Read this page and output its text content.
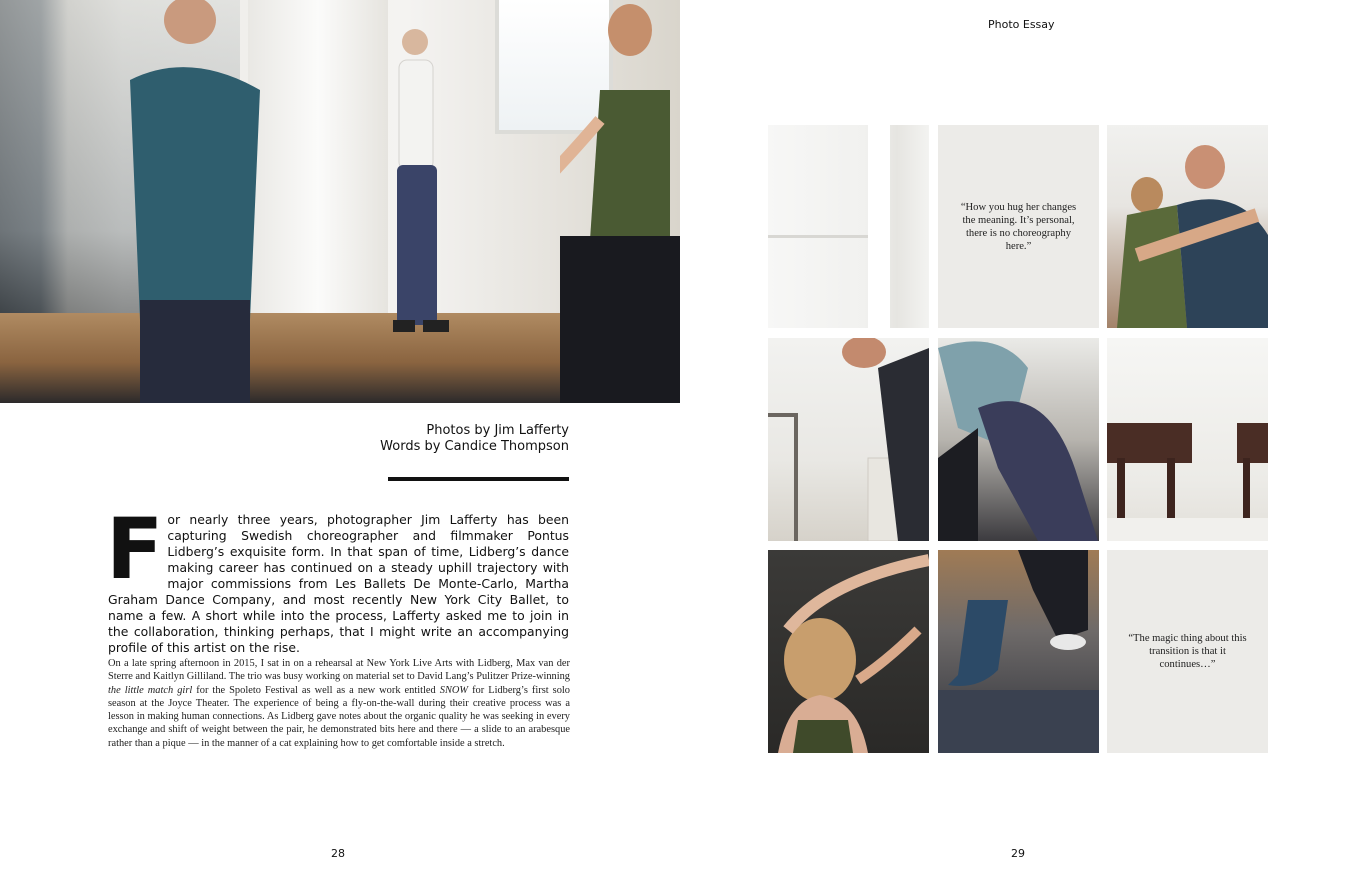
Photos by Jim Lafferty
Words by Candice Thompson
For nearly three years, photographer Jim Lafferty has been capturing Swedish choreographer and filmmaker Pontus Lidberg’s exquisite form. In that span of time, Lidberg’s dance making career has continued on a steady uphill trajectory with major commissions from Les Ballets De Monte-Carlo, Martha Graham Dance Company, and most recently New York City Ballet, to name a few. A short while into the process, Lafferty asked me to join in the collaboration, thinking perhaps, that I might write an accompanying profile of this artist on the rise.
On a late spring afternoon in 2015, I sat in on a rehearsal at New York Live Arts with Lidberg, Max van der Sterre and Kaitlyn Gilliland. The trio was busy working on material set to David Lang’s Pulitzer Prize-winning the little match girl for the Spoleto Festival as well as a new work entitled SNOW for Lidberg’s first solo season at the Joyce Theater. The experience of being a fly-on-the-wall during their creative process was a lesson in making human connections. As Lidberg gave notes about the organic quality he was seeking in every exchange and shift of weight between the pair, he demonstrated bits here and there — a slide to an arabesque rather than a pique — in the manner of a cat explaining how to get comfortable inside a stretch.
28
Photo Essay
“How you hug her changes the meaning. It’s personal, there is no choreography here.”
“The magic thing about this transition is that it continues…”
29
